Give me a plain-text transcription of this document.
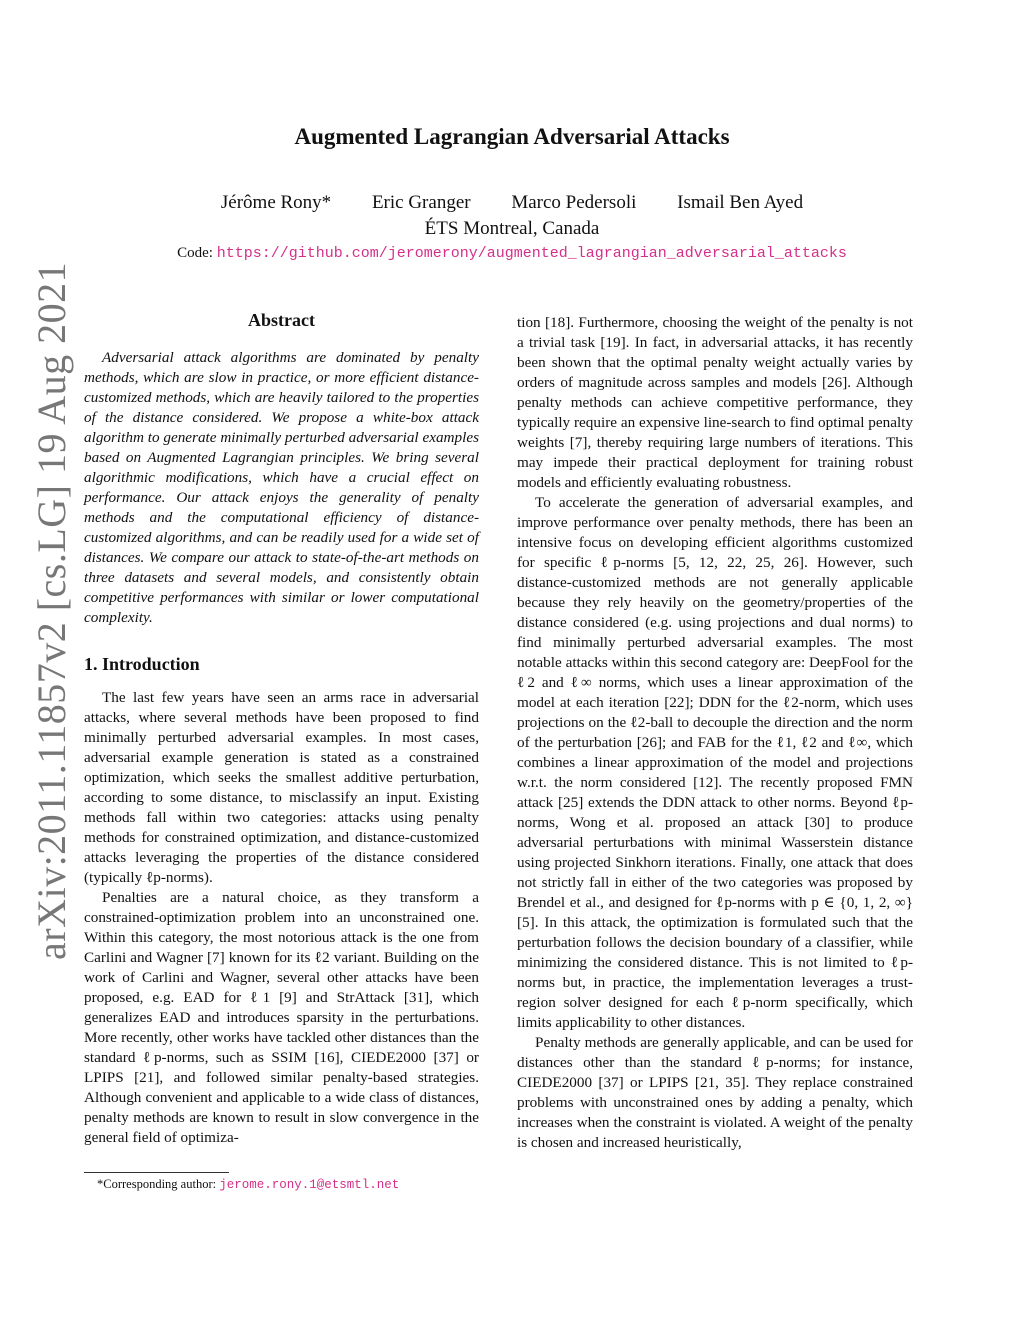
arXiv:2011.11857v2 [cs.LG] 19 Aug 2021
Augmented Lagrangian Adversarial Attacks
Jérôme Rony* Eric Granger Marco Pedersoli Ismail Ben Ayed
ÉTS Montreal, Canada
Code: https://github.com/jeromerony/augmented_lagrangian_adversarial_attacks
Abstract

Adversarial attack algorithms are dominated by penalty methods, which are slow in practice, or more efficient distance-customized methods, which are heavily tailored to the properties of the distance considered. We propose a white-box attack algorithm to generate minimally perturbed adversarial examples based on Augmented Lagrangian principles. We bring several algorithmic modifications, which have a crucial effect on performance. Our attack enjoys the generality of penalty methods and the computational efficiency of distance-customized algorithms, and can be readily used for a wide set of distances. We compare our attack to state-of-the-art methods on three datasets and several models, and consistently obtain competitive performances with similar or lower computational complexity.

1. Introduction

The last few years have seen an arms race in adversarial attacks, where several methods have been proposed to find minimally perturbed adversarial examples. In most cases, adversarial example generation is stated as a constrained optimization, which seeks the smallest additive perturbation, according to some distance, to misclassify an input. Existing methods fall within two categories: attacks using penalty methods for constrained optimization, and distance-customized attacks leveraging the properties of the distance considered (typically ℓp-norms).

Penalties are a natural choice, as they transform a constrained-optimization problem into an unconstrained one. Within this category, the most notorious attack is the one from Carlini and Wagner [7] known for its ℓ2 variant. Building on the work of Carlini and Wagner, several other attacks have been proposed, e.g. EAD for ℓ1 [9] and StrAttack [31], which generalizes EAD and introduces sparsity in the perturbations. More recently, other works have tackled other distances than the standard ℓp-norms, such as SSIM [16], CIEDE2000 [37] or LPIPS [21], and followed similar penalty-based strategies. Although convenient and applicable to a wide class of distances, penalty methods are known to result in slow convergence in the general field of optimiza-

tion [18]. Furthermore, choosing the weight of the penalty is not a trivial task [19]. In fact, in adversarial attacks, it has recently been shown that the optimal penalty weight actually varies by orders of magnitude across samples and models [26]. Although penalty methods can achieve competitive performance, they typically require an expensive line-search to find optimal penalty weights [7], thereby requiring large numbers of iterations. This may impede their practical deployment for training robust models and efficiently evaluating robustness.

To accelerate the generation of adversarial examples, and improve performance over penalty methods, there has been an intensive focus on developing efficient algorithms customized for specific ℓp-norms [5, 12, 22, 25, 26]. However, such distance-customized methods are not generally applicable because they rely heavily on the geometry/properties of the distance considered (e.g. using projections and dual norms) to find minimally perturbed adversarial examples. The most notable attacks within this second category are: DeepFool for the ℓ2 and ℓ∞ norms, which uses a linear approximation of the model at each iteration [22]; DDN for the ℓ2-norm, which uses projections on the ℓ2-ball to decouple the direction and the norm of the perturbation [26]; and FAB for the ℓ1, ℓ2 and ℓ∞, which combines a linear approximation of the model and projections w.r.t. the norm considered [12]. The recently proposed FMN attack [25] extends the DDN attack to other norms. Beyond ℓp-norms, Wong et al. proposed an attack [30] to produce adversarial perturbations with minimal Wasserstein distance using projected Sinkhorn iterations. Finally, one attack that does not strictly fall in either of the two categories was proposed by Brendel et al., and designed for ℓp-norms with p ∈ {0, 1, 2, ∞} [5]. In this attack, the optimization is formulated such that the perturbation follows the decision boundary of a classifier, while minimizing the considered distance. This is not limited to ℓp-norms but, in practice, the implementation leverages a trust-region solver designed for each ℓp-norm specifically, which limits applicability to other distances.

Penalty methods are generally applicable, and can be used for distances other than the standard ℓp-norms; for instance, CIEDE2000 [37] or LPIPS [21, 35]. They replace constrained problems with unconstrained ones by adding a penalty, which increases when the constraint is violated. A weight of the penalty is chosen and increased heuristically,

*Corresponding author: jerome.rony.1@etsmtl.net
